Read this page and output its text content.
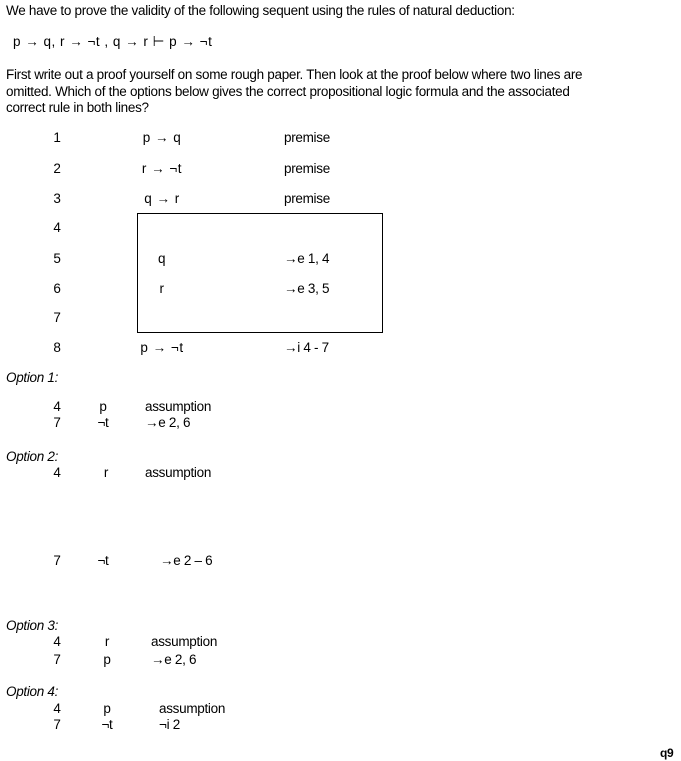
We have to prove the validity of the following sequent using the rules of natural deduction:
p → q, r → ¬t , q → r ⊢ p → ¬t
First write out a proof yourself on some rough paper. Then look at the proof below where two lines are
omitted. Which of the options below gives the correct propositional logic formula and the associated
correct rule in both lines?
1	p → q	premise
2	r → ¬t	premise
3	q → r	premise
4
5	q	→e 1, 4
6	r	→e 3, 5
7
8	p → ¬t	→i 4 - 7
Option 1:
4	p	assumption
7	¬t	→e 2, 6
Option 2:
4	r	assumption
7	¬t	→e 2 – 6
Option 3:
4	r	assumption
7	p	→e 2, 6
Option 4:
4	p	assumption
7	¬t	¬i 2
q9
